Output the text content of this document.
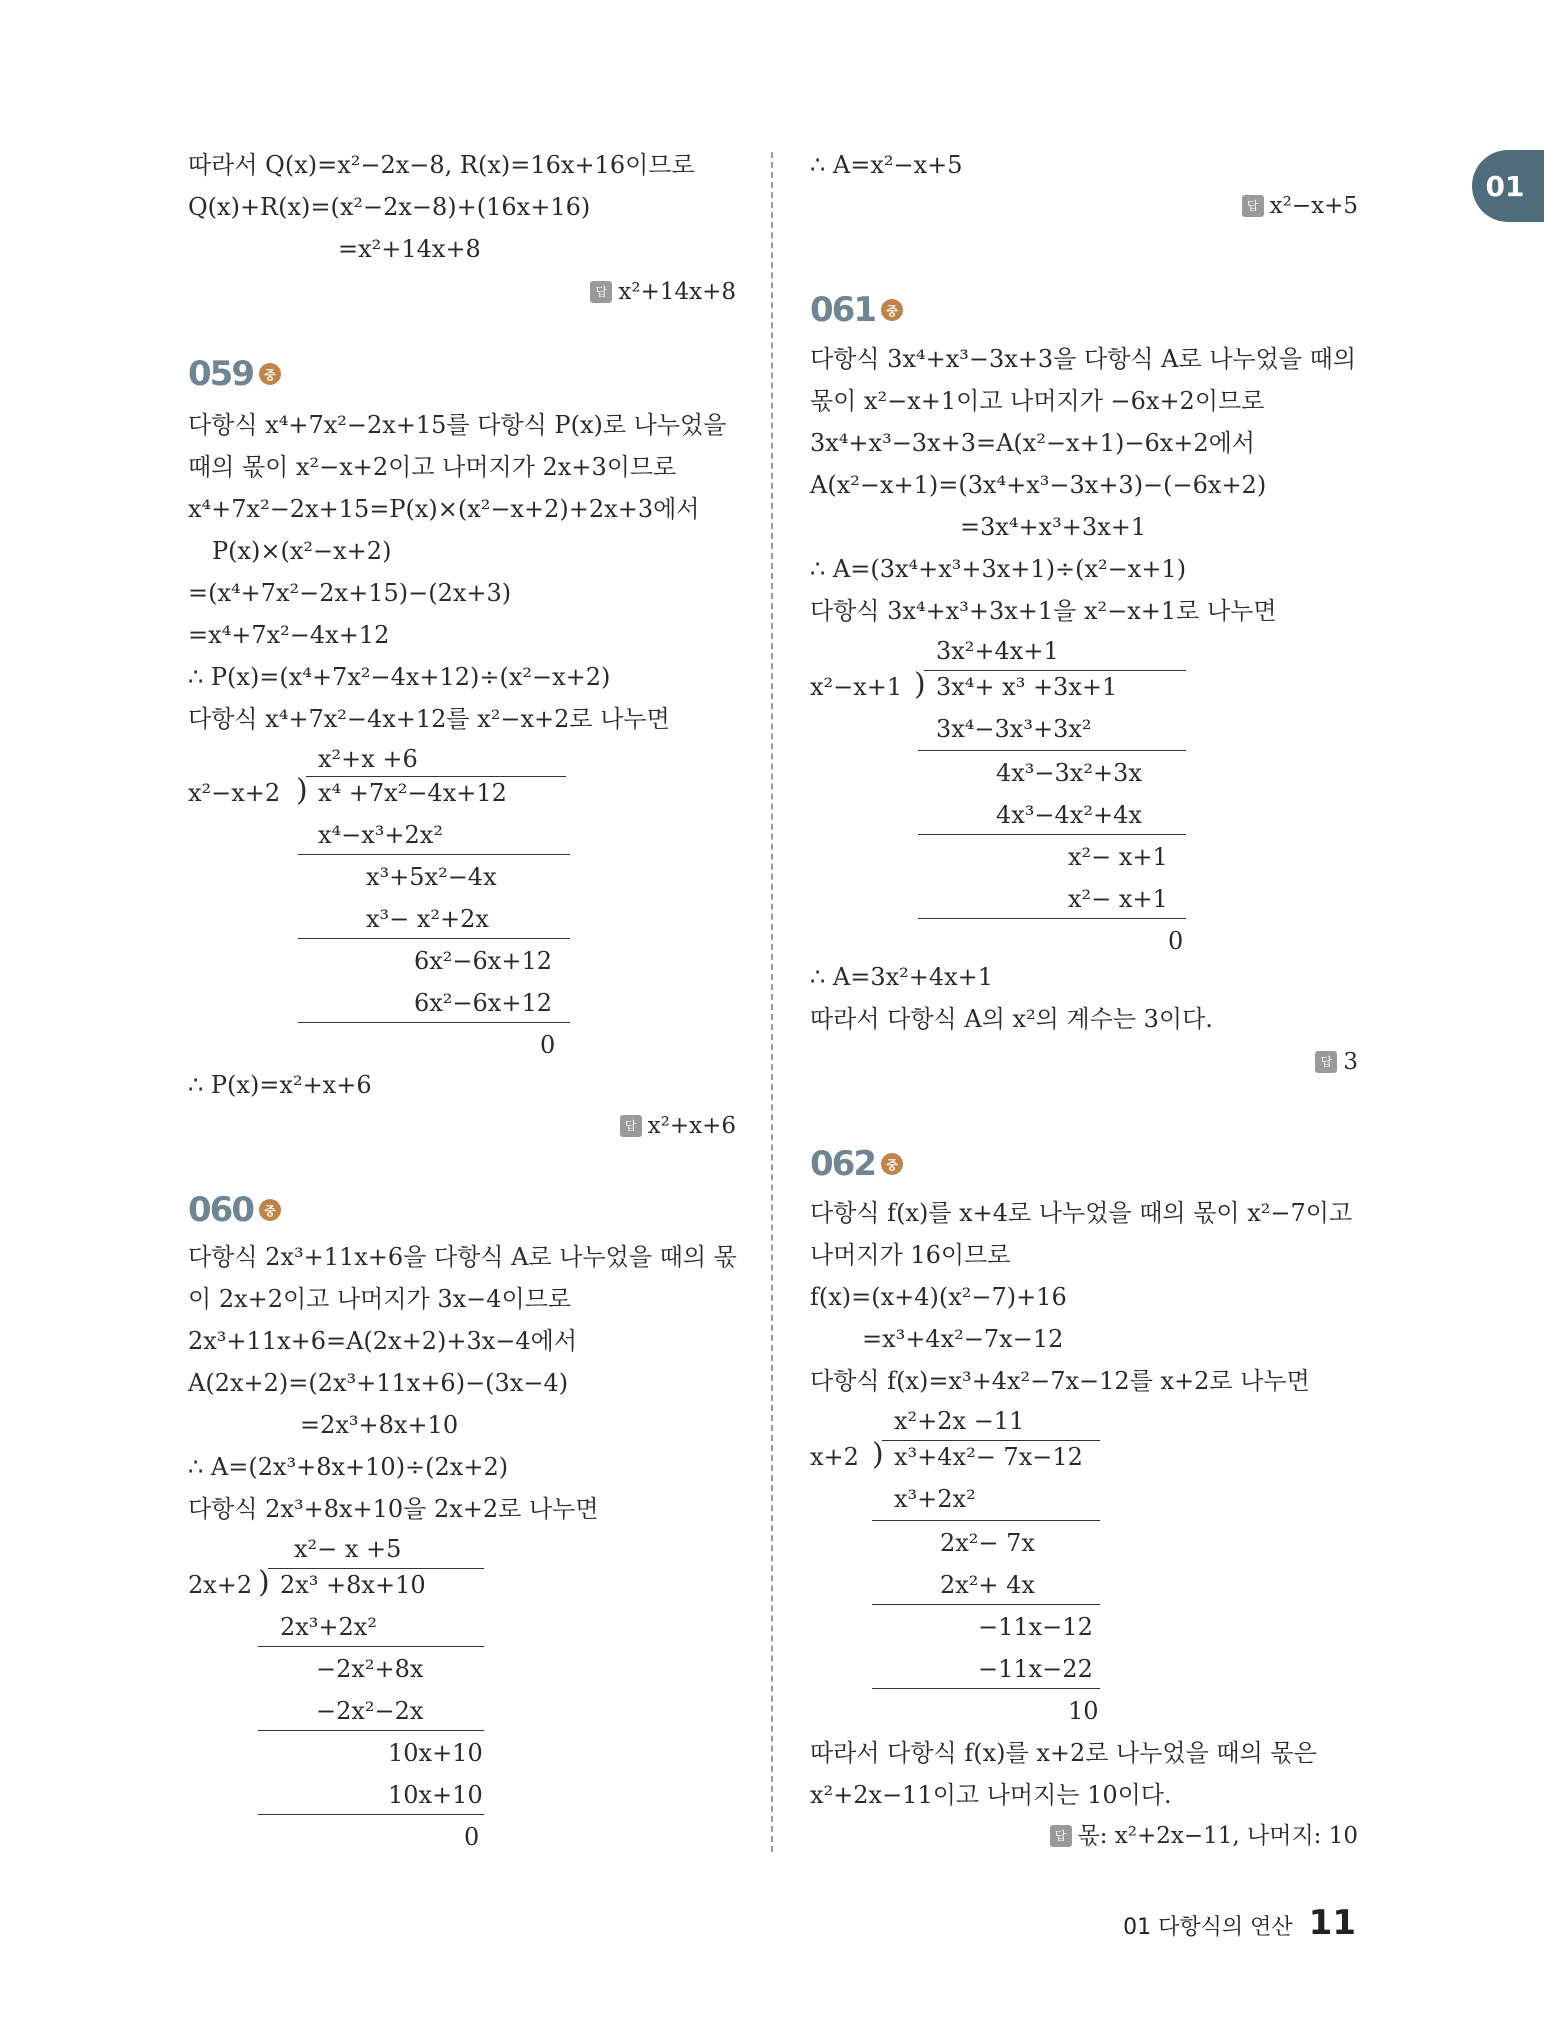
01
따라서 Q(x)=x²−2x−8, R(x)=16x+16이므로
Q(x)+R(x)=(x²−2x−8)+(16x+16)
=x²+14x+8
답 x²+14x+8
059 중
다항식 x⁴+7x²−2x+15를 다항식 P(x)로 나누었을
때의 몫이 x²−x+2이고 나머지가 2x+3이므로
x⁴+7x²−2x+15=P(x)×(x²−x+2)+2x+3에서
P(x)×(x²−x+2)
=(x⁴+7x²−2x+15)−(2x+3)
=x⁴+7x²−4x+12
∴ P(x)=(x⁴+7x²−4x+12)÷(x²−x+2)
다항식 x⁴+7x²−4x+12를 x²−x+2로 나누면
x²+x +6
x²−x+2 ) x⁴ +7x²−4x+12
x⁴−x³+2x²
x³+5x²−4x
x³− x²+2x
6x²−6x+12
6x²−6x+12
0
∴ P(x)=x²+x+6
답 x²+x+6
060 중
다항식 2x³+11x+6을 다항식 A로 나누었을 때의 몫
이 2x+2이고 나머지가 3x−4이므로
2x³+11x+6=A(2x+2)+3x−4에서
A(2x+2)=(2x³+11x+6)−(3x−4)
=2x³+8x+10
∴ A=(2x³+8x+10)÷(2x+2)
다항식 2x³+8x+10을 2x+2로 나누면
x²− x +5
2x+2 ) 2x³ +8x+10
2x³+2x²
−2x²+8x
−2x²−2x
10x+10
10x+10
0
∴ A=x²−x+5
답 x²−x+5
061 중
다항식 3x⁴+x³−3x+3을 다항식 A로 나누었을 때의
몫이 x²−x+1이고 나머지가 −6x+2이므로
3x⁴+x³−3x+3=A(x²−x+1)−6x+2에서
A(x²−x+1)=(3x⁴+x³−3x+3)−(−6x+2)
=3x⁴+x³+3x+1
∴ A=(3x⁴+x³+3x+1)÷(x²−x+1)
다항식 3x⁴+x³+3x+1을 x²−x+1로 나누면
3x²+4x+1
x²−x+1 ) 3x⁴+ x³ +3x+1
3x⁴−3x³+3x²
4x³−3x²+3x
4x³−4x²+4x
x²− x+1
x²− x+1
0
∴ A=3x²+4x+1
따라서 다항식 A의 x²의 계수는 3이다.
답 3
062 중
다항식 f(x)를 x+4로 나누었을 때의 몫이 x²−7이고
나머지가 16이므로
f(x)=(x+4)(x²−7)+16
=x³+4x²−7x−12
다항식 f(x)=x³+4x²−7x−12를 x+2로 나누면
x²+2x −11
x+2 ) x³+4x²− 7x−12
x³+2x²
2x²− 7x
2x²+ 4x
−11x−12
−11x−22
10
따라서 다항식 f(x)를 x+2로 나누었을 때의 몫은
x²+2x−11이고 나머지는 10이다.
답 몫: x²+2x−11, 나머지: 10
01 다항식의 연산 11
